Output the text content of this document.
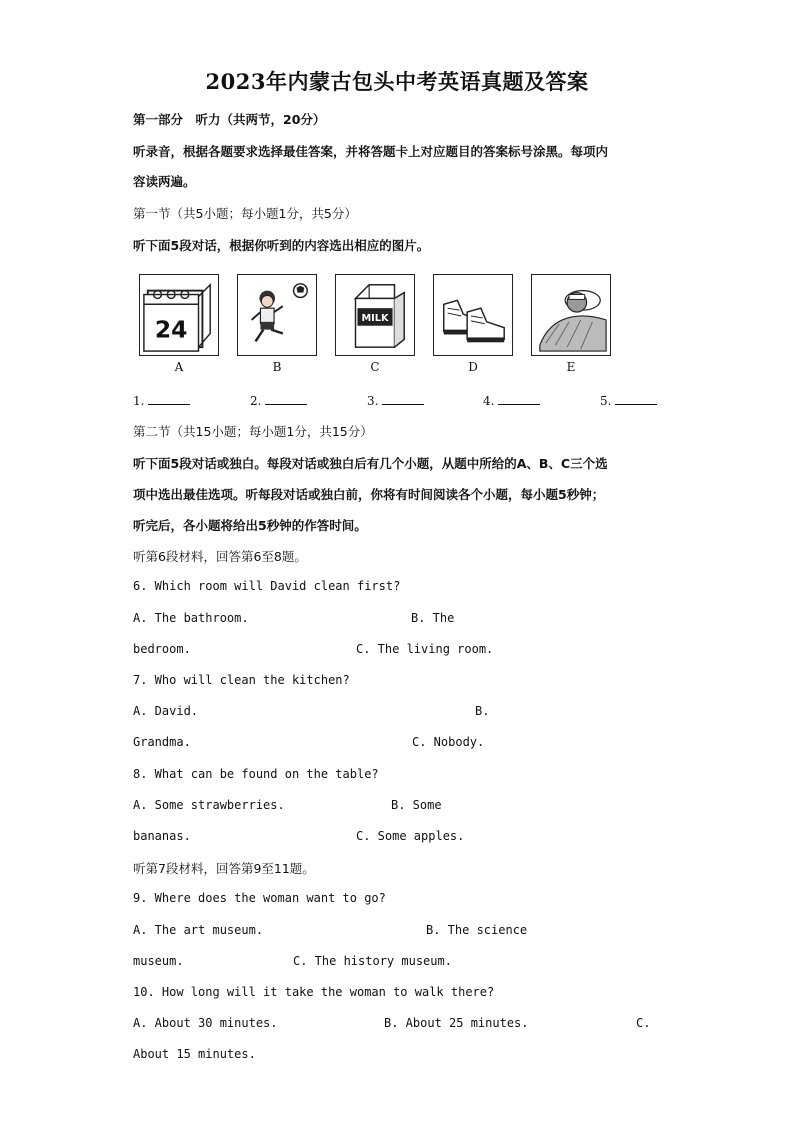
2023年内蒙古包头中考英语真题及答案
第一部分　听力（共两节，20分）
听录音，根据各题要求选择最佳答案，并将答题卡上对应题目的答案标号涂黑。每项内
容读两遍。
第一节（共5小题；每小题1分，共5分）
听下面5段对话，根据你听到的内容选出相应的图片。
24	MILK
A	B	C	D	E
1.	2.	3.	4.	5.
第二节（共15小题；每小题1分，共15分）
听下面5段对话或独白。每段对话或独白后有几个小题，从题中所给的A、B、C三个选
项中选出最佳选项。听每段对话或独白前，你将有时间阅读各个小题，每小题5秒钟；
听完后，各小题将给出5秒钟的作答时间。
听第6段材料，回答第6至8题。
6. Which room will David clean first?
A. The bathroom.	B. The
bedroom.	C. The living room.
7. Who will clean the kitchen?
A. David.	B.
Grandma.	C. Nobody.
8. What can be found on the table?
A. Some strawberries.	B. Some
bananas.	C. Some apples.
听第7段材料，回答第9至11题。
9. Where does the woman want to go?
A. The art museum.	B. The science
museum.	C. The history museum.
10. How long will it take the woman to walk there?
A. About 30 minutes.	B. About 25 minutes.	C.
About 15 minutes.
